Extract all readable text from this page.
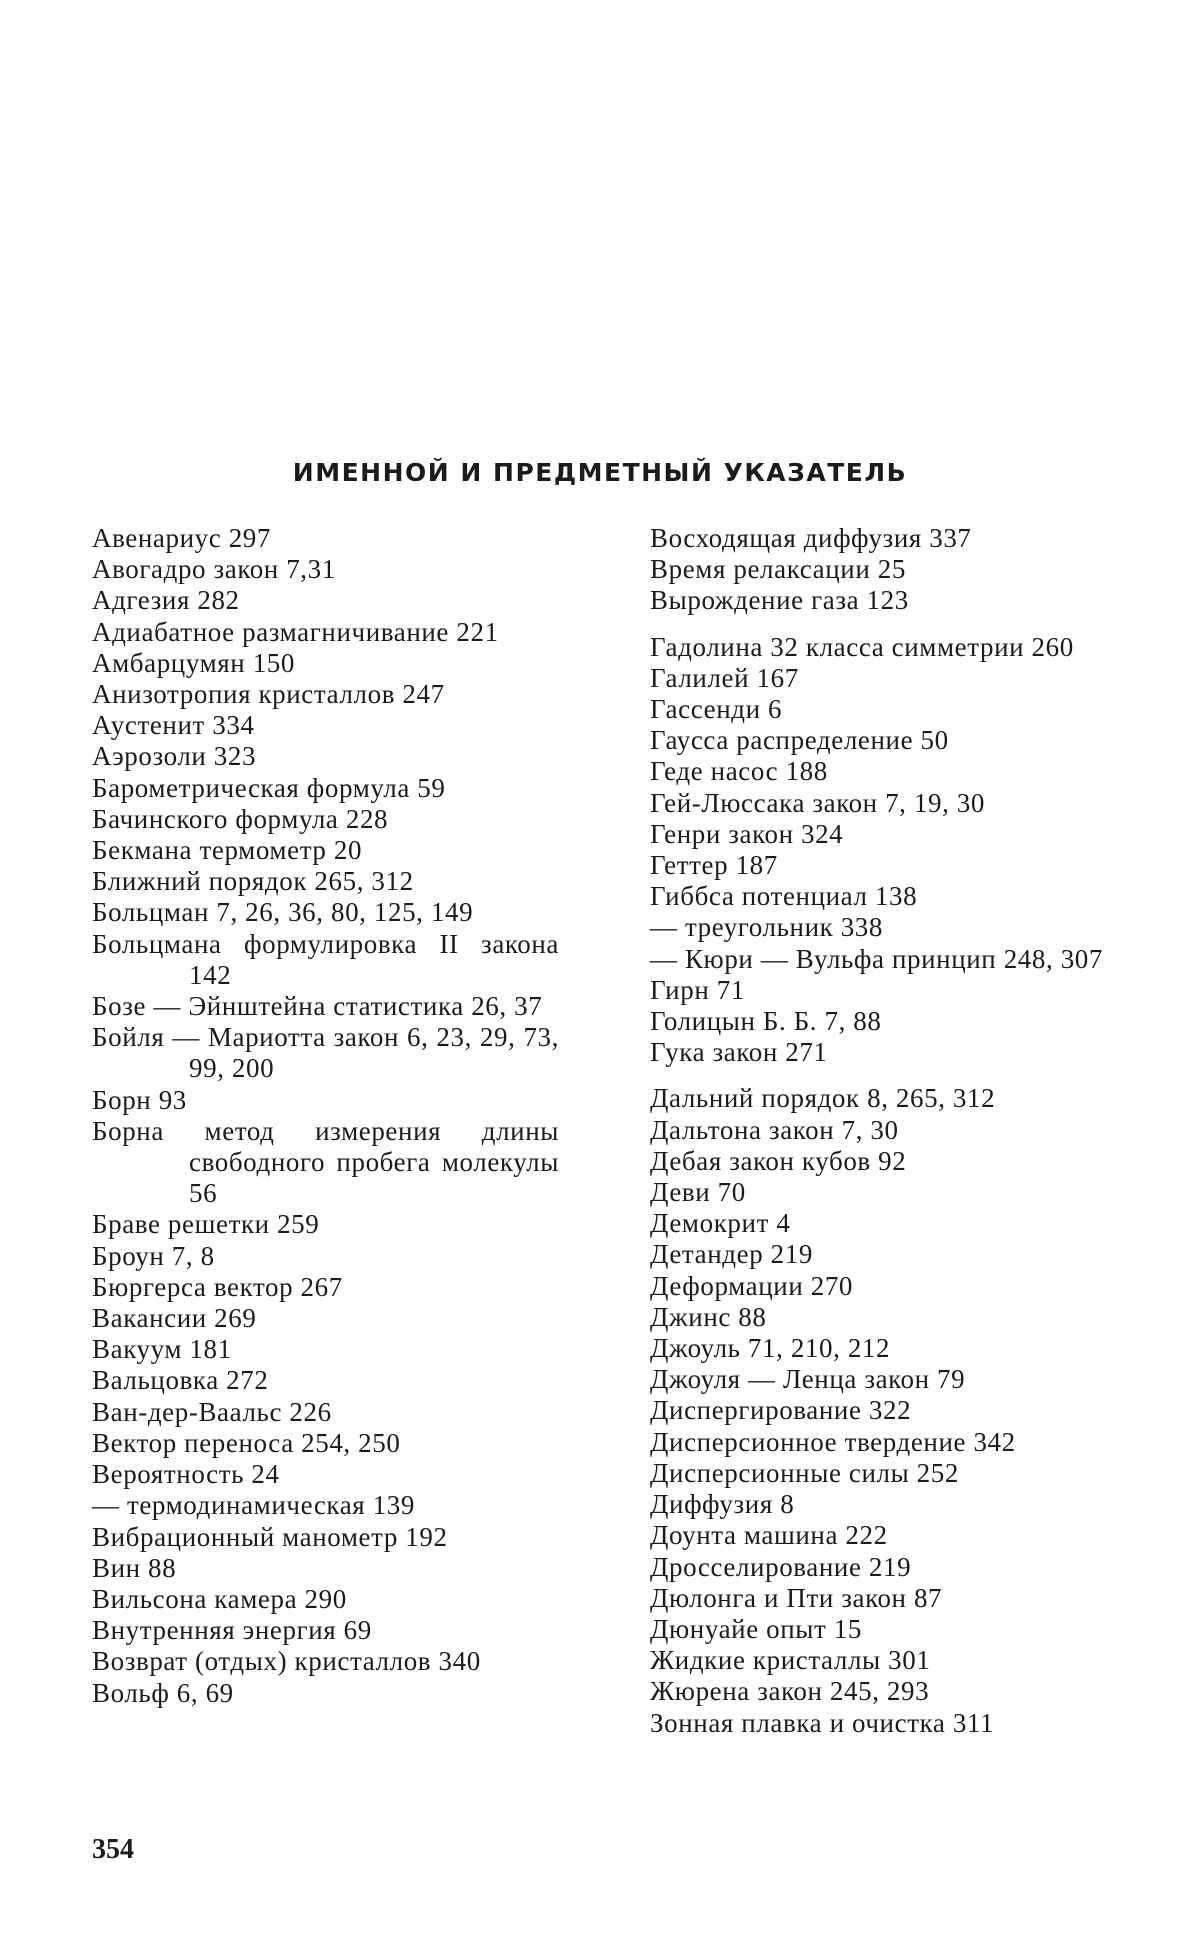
ИМЕННОЙ И ПРЕДМЕТНЫЙ УКАЗАТЕЛЬ

Авенариус 297

Авогадро закон 7,31

Адгезия 282

Адиабатное размагничивание 221

Амбарцумян 150

Анизотропия кристаллов 247

Аустенит 334

Аэрозоли 323

Барометрическая формула 59

Бачинского формула 228

Бекмана термометр 20

Ближний порядок 265, 312

Больцман 7, 26, 36, 80, 125, 149

Больцмана формулировка II закона 142

Бозе — Эйнштейна статистика 26, 37

Бойля — Мариотта закон 6, 23, 29, 73, 99, 200

Борн 93

Борна метод измерения длины свободного пробега молекулы 56

Браве решетки 259

Броун 7, 8

Бюргерса вектор 267

Вакансии 269

Вакуум 181

Вальцовка 272

Ван-дер-Ваальс 226

Вектор переноса 254, 250

Вероятность 24

— термодинамическая 139

Вибрационный манометр 192

Вин 88

Вильсона камера 290

Внутренняя энергия 69

Возврат (отдых) кристаллов 340

Вольф 6, 69

Восходящая диффузия 337

Время релаксации 25

Вырождение газа 123

Гадолина 32 класса симметрии 260

Галилей 167

Гассенди 6

Гаусса распределение 50

Геде насос 188

Гей-Люссака закон 7, 19, 30

Генри закон 324

Геттер 187

Гиббса потенциал 138

— треугольник 338

— Кюри — Вульфа принцип 248, 307

Гирн 71

Голицын Б. Б. 7, 88

Гука закон 271

Дальний порядок 8, 265, 312

Дальтона закон 7, 30

Дебая закон кубов 92

Деви 70

Демокрит 4

Детандер 219

Деформации 270

Джинс 88

Джоуль 71, 210, 212

Джоуля — Ленца закон 79

Диспергирование 322

Дисперсионное твердение 342

Дисперсионные силы 252

Диффузия 8

Доунта машина 222

Дросселирование 219

Дюлонга и Пти закон 87

Дюнуайе опыт 15

Жидкие кристаллы 301

Жюрена закон 245, 293

Зонная плавка и очистка 311

354
